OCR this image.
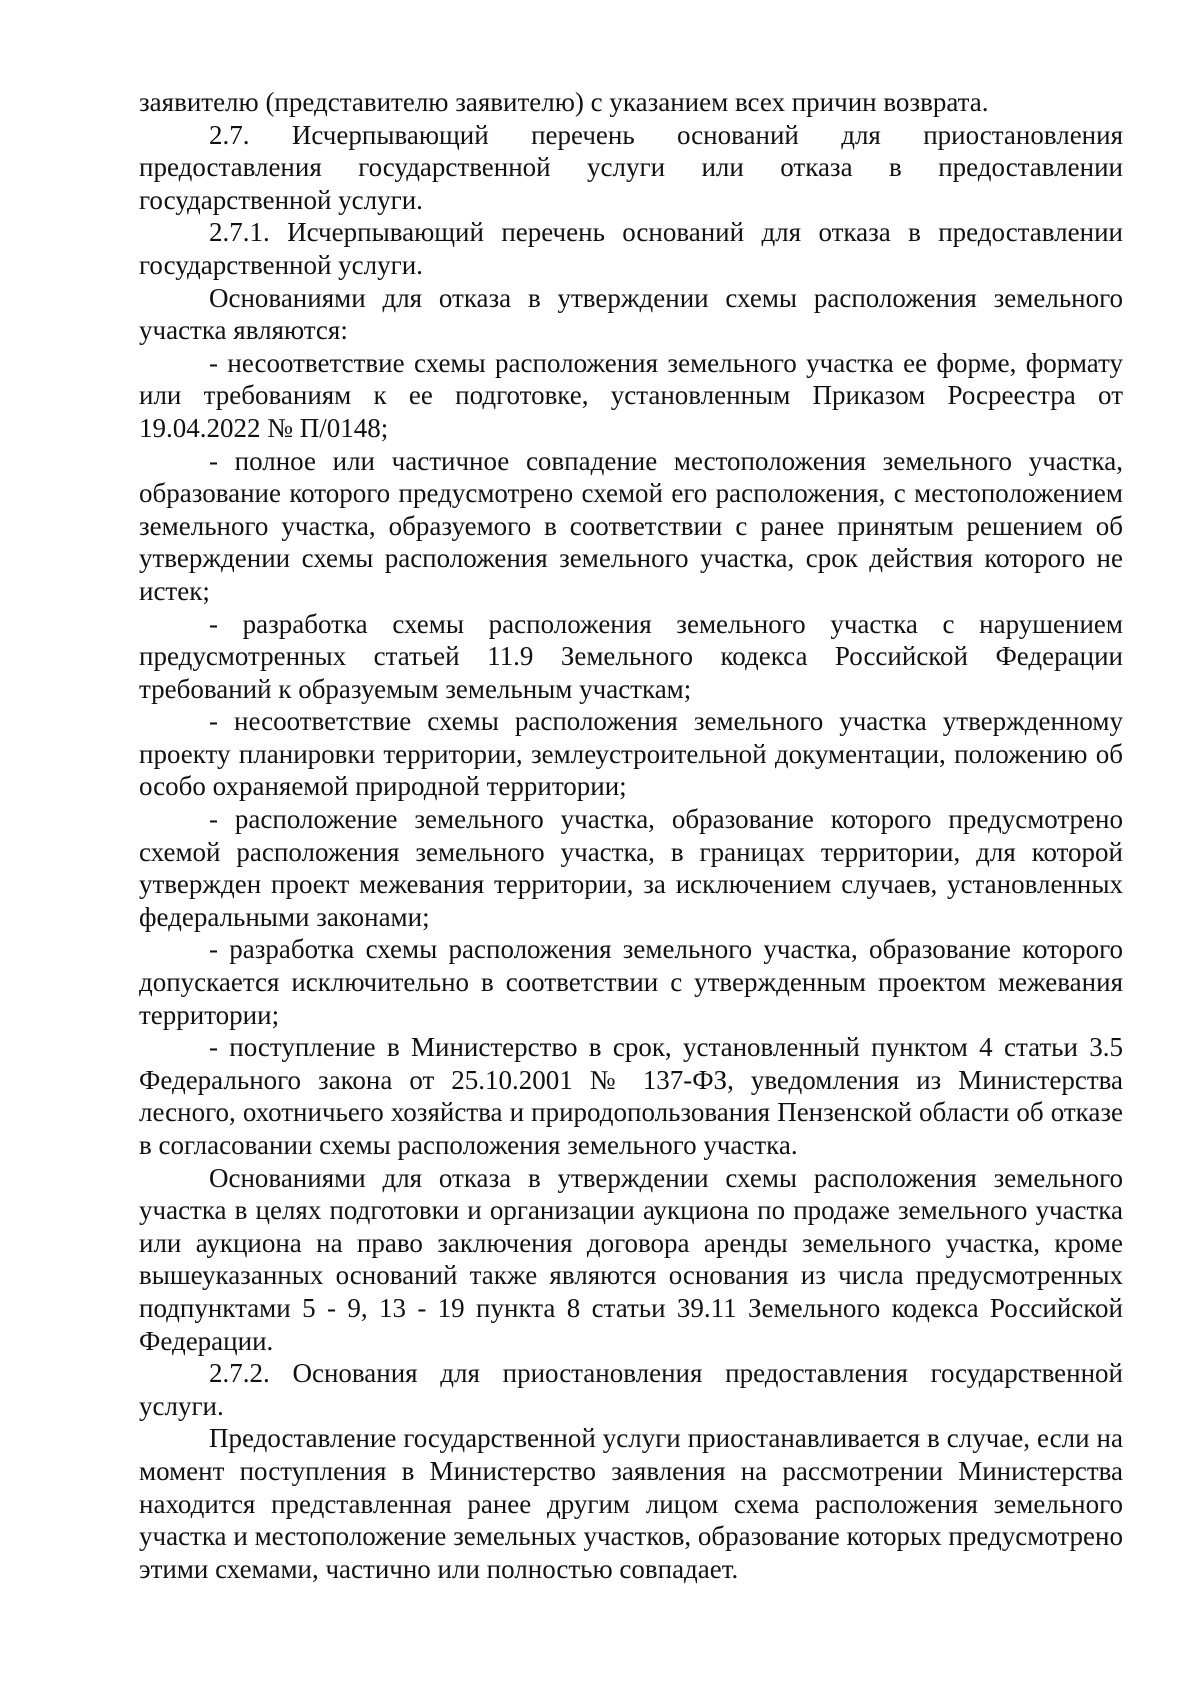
заявителю (представителю заявителю) с указанием всех причин возврата.

2.7. Исчерпывающий перечень оснований для приостановления предоставления государственной услуги или отказа в предоставлении государственной услуги.

2.7.1. Исчерпывающий перечень оснований для отказа в предоставлении государственной услуги.

Основаниями для отказа в утверждении схемы расположения земельного участка являются:

- несоответствие схемы расположения земельного участка ее форме, формату или требованиям к ее подготовке, установленным Приказом Росреестра от 19.04.2022 № П/0148;

- полное или частичное совпадение местоположения земельного участка, образование которого предусмотрено схемой его расположения, с местоположением земельного участка, образуемого в соответствии с ранее принятым решением об утверждении схемы расположения земельного участка, срок действия которого не истек;

- разработка схемы расположения земельного участка с нарушением предусмотренных статьей 11.9 Земельного кодекса Российской Федерации требований к образуемым земельным участкам;

- несоответствие схемы расположения земельного участка утвержденному проекту планировки территории, землеустроительной документации, положению об особо охраняемой природной территории;

- расположение земельного участка, образование которого предусмотрено схемой расположения земельного участка, в границах территории, для которой утвержден проект межевания территории, за исключением случаев, установленных федеральными законами;

- разработка схемы расположения земельного участка, образование которого допускается исключительно в соответствии с утвержденным проектом межевания территории;

- поступление в Министерство в срок, установленный пунктом 4 статьи 3.5 Федерального закона от 25.10.2001 № 137-ФЗ, уведомления из Министерства лесного, охотничьего хозяйства и природопользования Пензенской области об отказе в согласовании схемы расположения земельного участка.

Основаниями для отказа в утверждении схемы расположения земельного участка в целях подготовки и организации аукциона по продаже земельного участка или аукциона на право заключения договора аренды земельного участка, кроме вышеуказанных оснований также являются основания из числа предусмотренных подпунктами 5 - 9, 13 - 19 пункта 8 статьи 39.11 Земельного кодекса Российской Федерации.

2.7.2. Основания для приостановления предоставления государственной услуги.

Предоставление государственной услуги приостанавливается в случае, если на момент поступления в Министерство заявления на рассмотрении Министерства находится представленная ранее другим лицом схема расположения земельного участка и местоположение земельных участков, образование которых предусмотрено этими схемами, частично или полностью совпадает.
